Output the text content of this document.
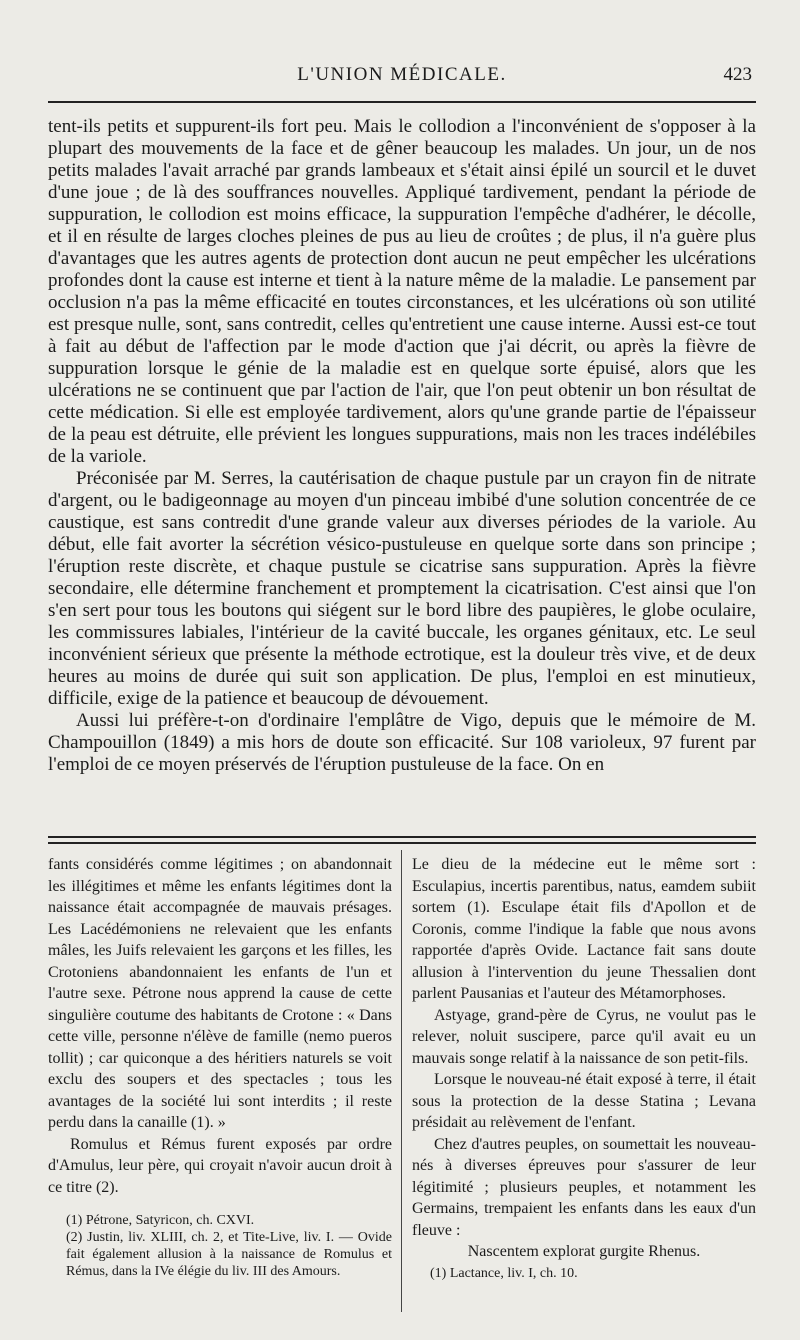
L'UNION MÉDICALE.	423

tent-ils petits et suppurent-ils fort peu. Mais le collodion a l'inconvénient de s'opposer à la plupart des mouvements de la face et de gêner beaucoup les malades. Un jour, un de nos petits malades l'avait arraché par grands lambeaux et s'était ainsi épilé un sourcil et le duvet d'une joue ; de là des souffrances nouvelles. Appliqué tardivement, pendant la période de suppuration, le collodion est moins efficace, la suppuration l'empêche d'adhérer, le décolle, et il en résulte de larges cloches pleines de pus au lieu de croûtes ; de plus, il n'a guère plus d'avantages que les autres agents de protection dont aucun ne peut empêcher les ulcérations profondes dont la cause est interne et tient à la nature même de la maladie. Le pansement par occlusion n'a pas la même efficacité en toutes circonstances, et les ulcérations où son utilité est presque nulle, sont, sans contredit, celles qu'entretient une cause interne. Aussi est-ce tout à fait au début de l'affection par le mode d'action que j'ai décrit, ou après la fièvre de suppuration lorsque le génie de la maladie est en quelque sorte épuisé, alors que les ulcérations ne se continuent que par l'action de l'air, que l'on peut obtenir un bon résultat de cette médication. Si elle est employée tardivement, alors qu'une grande partie de l'épaisseur de la peau est détruite, elle prévient les longues suppurations, mais non les traces indélébiles de la variole.

Préconisée par M. Serres, la cautérisation de chaque pustule par un crayon fin de nitrate d'argent, ou le badigeonnage au moyen d'un pinceau imbibé d'une solution concentrée de ce caustique, est sans contredit d'une grande valeur aux diverses périodes de la variole. Au début, elle fait avorter la sécrétion vésico-pustuleuse en quelque sorte dans son principe ; l'éruption reste discrète, et chaque pustule se cicatrise sans suppuration. Après la fièvre secondaire, elle détermine franchement et promptement la cicatrisation. C'est ainsi que l'on s'en sert pour tous les boutons qui siégent sur le bord libre des paupières, le globe oculaire, les commissures labiales, l'intérieur de la cavité buccale, les organes génitaux, etc. Le seul inconvénient sérieux que présente la méthode ectrotique, est la douleur très vive, et de deux heures au moins de durée qui suit son application. De plus, l'emploi en est minutieux, difficile, exige de la patience et beaucoup de dévouement.

Aussi lui préfère-t-on d'ordinaire l'emplâtre de Vigo, depuis que le mémoire de M. Champouillon (1849) a mis hors de doute son efficacité. Sur 108 varioleux, 97 furent par l'emploi de ce moyen préservés de l'éruption pustuleuse de la face. On en

fants considérés comme légitimes ; on abandonnait les illégitimes et même les enfants légitimes dont la naissance était accompagnée de mauvais présages. Les Lacédémoniens ne relevaient que les enfants mâles, les Juifs relevaient les garçons et les filles, les Crotoniens abandonnaient les enfants de l'un et l'autre sexe. Pétrone nous apprend la cause de cette singulière coutume des habitants de Crotone : « Dans cette ville, personne n'élève de famille (nemo pueros tollit) ; car quiconque a des héritiers naturels se voit exclu des soupers et des spectacles ; tous les avantages de la société lui sont interdits ; il reste perdu dans la canaille (1). »

Romulus et Rémus furent exposés par ordre d'Amulus, leur père, qui croyait n'avoir aucun droit à ce titre (2).

(1) Pétrone, Satyricon, ch. CXVI.

(2) Justin, liv. XLIII, ch. 2, et Tite-Live, liv. I. — Ovide fait également allusion à la naissance de Romulus et Rémus, dans la IVe élégie du liv. III des Amours.

Le dieu de la médecine eut le même sort : Esculapius, incertis parentibus, natus, eamdem subiit sortem (1). Esculape était fils d'Apollon et de Coronis, comme l'indique la fable que nous avons rapportée d'après Ovide. Lactance fait sans doute allusion à l'intervention du jeune Thessalien dont parlent Pausanias et l'auteur des Métamorphoses.

Astyage, grand-père de Cyrus, ne voulut pas le relever, noluit suscipere, parce qu'il avait eu un mauvais songe relatif à la naissance de son petit-fils.

Lorsque le nouveau-né était exposé à terre, il était sous la protection de la desse Statina ; Levana présidait au relèvement de l'enfant.

Chez d'autres peuples, on soumettait les nouveau-nés à diverses épreuves pour s'assurer de leur légitimité ; plusieurs peuples, et notamment les Germains, trempaient les enfants dans les eaux d'un fleuve :

Nascentem explorat gurgite Rhenus.

(1) Lactance, liv. I, ch. 10.
